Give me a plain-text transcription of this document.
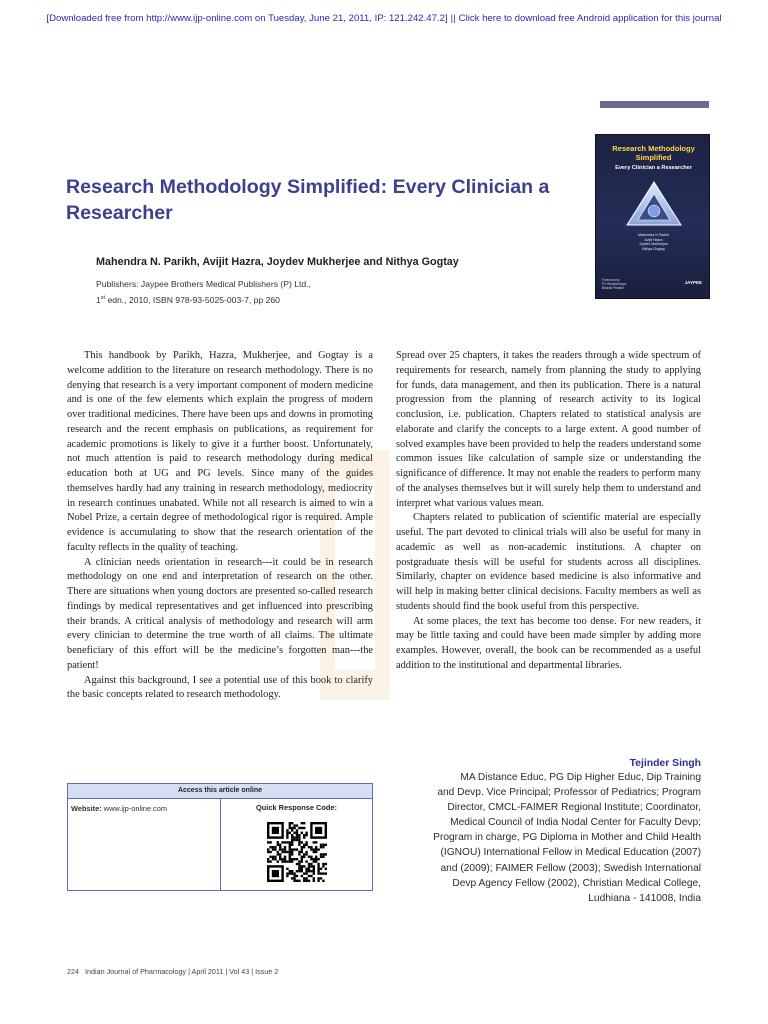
[Downloaded free from http://www.ijp-online.com on Tuesday, June 21, 2011, IP: 121.242.47.2] || Click here to download free Android application for this journal
Research Methodology
Simplified
Every Clinician a Researcher
Mahendra N Parikh
Avijit Hazra
Joydev Mukherjee
Nithya Gogtay
Foreword by
PC Bhattacharya
Bharati Phadke
JAYPEE
Research Methodology Simplified: Every Clinician a Researcher
Mahendra N. Parikh, Avijit Hazra, Joydev Mukherjee and Nithya Gogtay
Publishers: Jaypee Brothers Medical Publishers (P) Ltd.,
1st edn., 2010, ISBN 978-93-5025-003-7, pp 260

This handbook by Parikh, Hazra, Mukherjee, and Gogtay is a welcome addition to the literature on research methodology. There is no denying that research is a very important component of modern medicine and is one of the few elements which explain the progress of modern over traditional medicines. There have been ups and downs in promoting research and the recent emphasis on publications, as requirement for academic promotions is likely to give it a further boost. Unfortunately, not much attention is paid to research methodology during medical education both at UG and PG levels. Since many of the guides themselves hardly had any training in research methodology, mediocrity in research continues unabated. While not all research is aimed to win a Nobel Prize, a certain degree of methodological rigor is required. Ample evidence is accumulating to show that the research orientation of the faculty reflects in the quality of teaching.

A clinician needs orientation in research---it could be in research methodology on one end and interpretation of research on the other. There are situations when young doctors are presented so-called research findings by medical representatives and get influenced into prescribing their brands. A critical analysis of methodology and research will arm every clinician to determine the true worth of all claims. The ultimate beneficiary of this effort will be the medicine’s forgotten man---the patient!

Against this background, I see a potential use of this book to clarify the basic concepts related to research methodology.

Spread over 25 chapters, it takes the readers through a wide spectrum of requirements for research, namely from planning the study to applying for funds, data management, and then its publication. There is a natural progression from the planning of research activity to its logical conclusion, i.e. publication. Chapters related to statistical analysis are elaborate and clarify the concepts to a large extent. A good number of solved examples have been provided to help the readers understand some common issues like calculation of sample size or understanding the significance of difference. It may not enable the readers to perform many of the analyses themselves but it will surely help them to understand and interpret what various values mean.

Chapters related to publication of scientific material are especially useful. The part devoted to clinical trials will also be useful for many in academic as well as non-academic institutions. A chapter on postgraduate thesis will be useful for students across all disciplines. Similarly, chapter on evidence based medicine is also informative and will help in making better clinical decisions. Faculty members as well as students should find the book useful from this perspective.

At some places, the text has become too dense. For new readers, it may be little taxing and could have been made simpler by adding more examples. However, overall, the book can be recommended as a useful addition to the institutional and departmental libraries.

Tejinder Singh
MA Distance Educ, PG Dip Higher Educ, Dip Training
and Devp. Vice Principal; Professor of Pediatrics; Program
Director, CMCL-FAIMER Regional Institute; Coordinator,
Medical Council of India Nodal Center for Faculty Devp;
Program in charge, PG Diploma in Mother and Child Health
(IGNOU) International Fellow in Medical Education (2007)
and (2009); FAIMER Fellow (2003); Swedish International
Devp Agency Fellow (2002), Christian Medical College,
Ludhiana - 141008, India
Access this article online
Website: www.ijp-online.com	Quick Response Code:
224 Indian Journal of Pharmacology | April 2011 | Vol 43 | Issue 2
